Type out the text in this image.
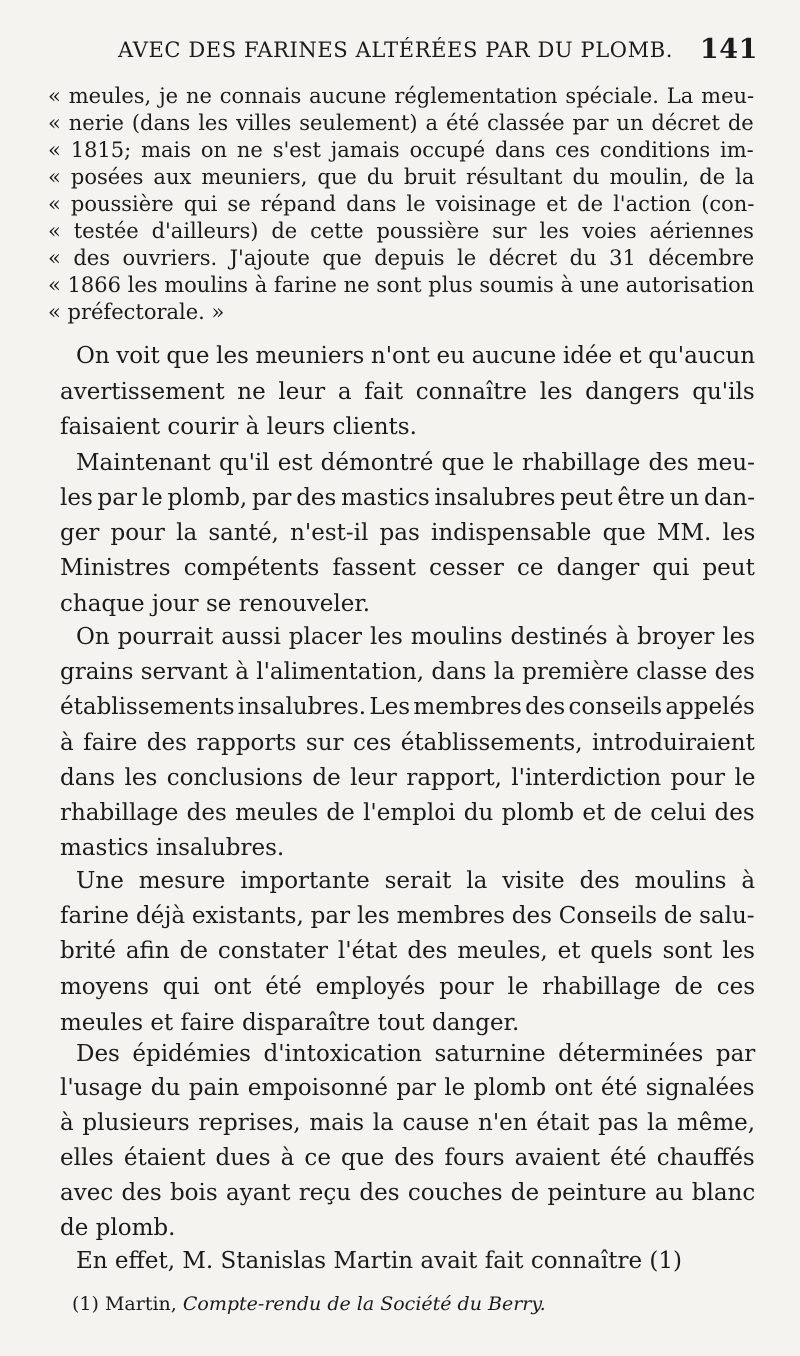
AVEC DES FARINES ALTÉRÉES PAR DU PLOMB. 141
« meules, je ne connais aucune réglementation spéciale. La meu-
« nerie (dans les villes seulement) a été classée par un décret de
« 1815; mais on ne s'est jamais occupé dans ces conditions im-
« posées aux meuniers, que du bruit résultant du moulin, de la
« poussière qui se répand dans le voisinage et de l'action (con-
« testée d'ailleurs) de cette poussière sur les voies aériennes
« des ouvriers. J'ajoute que depuis le décret du 31 décembre
« 1866 les moulins à farine ne sont plus soumis à une autorisation
« préfectorale. »
On voit que les meuniers n'ont eu aucune idée et qu'aucun
avertissement ne leur a fait connaître les dangers qu'ils
faisaient courir à leurs clients.
Maintenant qu'il est démontré que le rhabillage des meu-
les par le plomb, par des mastics insalubres peut être un dan-
ger pour la santé, n'est-il pas indispensable que MM. les
Ministres compétents fassent cesser ce danger qui peut
chaque jour se renouveler.
On pourrait aussi placer les moulins destinés à broyer les
grains servant à l'alimentation, dans la première classe des
établissements insalubres. Les membres des conseils appelés
à faire des rapports sur ces établissements, introduiraient
dans les conclusions de leur rapport, l'interdiction pour le
rhabillage des meules de l'emploi du plomb et de celui des
mastics insalubres.
Une mesure importante serait la visite des moulins à
farine déjà existants, par les membres des Conseils de salu-
brité afin de constater l'état des meules, et quels sont les
moyens qui ont été employés pour le rhabillage de ces
meules et faire disparaître tout danger.
Des épidémies d'intoxication saturnine déterminées par
l'usage du pain empoisonné par le plomb ont été signalées
à plusieurs reprises, mais la cause n'en était pas la même,
elles étaient dues à ce que des fours avaient été chauffés
avec des bois ayant reçu des couches de peinture au blanc
de plomb.
En effet, M. Stanislas Martin avait fait connaître (1)
(1) Martin, Compte-rendu de la Société du Berry.
